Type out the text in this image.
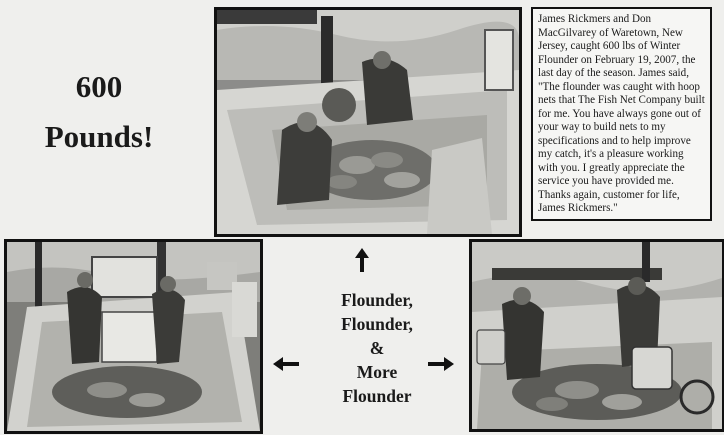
600
Pounds!
James Rickmers and Don MacGilvarey of Waretown, New Jersey, caught 600 lbs of Winter Flounder on February 19, 2007, the last day of the season. James said, "The flounder was caught with hoop nets that The Fish Net Company built for me. You have always gone out of your way to build nets to my specifications and to help improve my catch, it's a pleasure working with you. I greatly appreciate the service you have provided me. Thanks again, customer for life, James Rickmers."
Flounder,
Flounder,
&
More
Flounder
